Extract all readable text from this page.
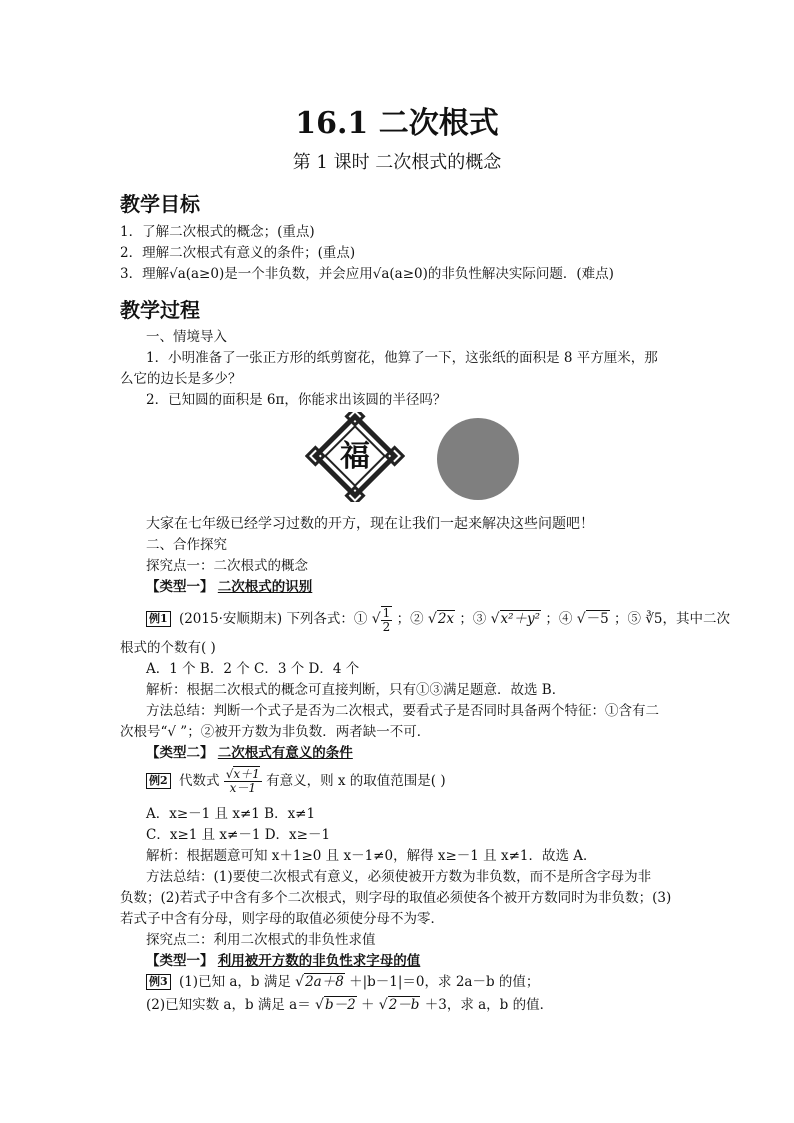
16.1 二次根式
第 1 课时 二次根式的概念
教学目标
1．了解二次根式的概念；(重点)
2．理解二次根式有意义的条件；(重点)
3．理解√a(a≥0)是一个非负数，并会应用√a(a≥0)的非负性解决实际问题．(难点)
教学过程
一、情境导入
1．小明准备了一张正方形的纸剪窗花，他算了一下，这张纸的面积是 8 平方厘米，那
么它的边长是多少？
2．已知圆的面积是 6π，你能求出该圆的半径吗？
福
大家在七年级已经学习过数的开方，现在让我们一起来解决这些问题吧！
二、合作探究
探究点一：二次根式的概念
【类型一】 二次根式的识别
例1 (2015·安顺期末) 下列各式：① √ $\frac{1}{2}$ ；② √2x ；③ √x²＋y² ；④ √－5 ；⑤ ∛5，其中二次
根式的个数有( )
A．1 个 B．2 个 C．3 个 D．4 个
解析：根据二次根式的概念可直接判断，只有①③满足题意．故选 B．
方法总结：判断一个式子是否为二次根式，要看式子是否同时具备两个特征：①含有二
次根号“√ ”；②被开方数为非负数．两者缺一不可．
【类型二】 二次根式有意义的条件
例2 代数式 $\frac{√x+1}{x-1}$ 有意义，则 x 的取值范围是( )
A．x≥－1 且 x≠1 B．x≠1
C．x≥1 且 x≠－1 D．x≥－1
解析：根据题意可知 x＋1≥0 且 x－1≠0，解得 x≥－1 且 x≠1．故选 A．
方法总结：(1)要使二次根式有意义，必须使被开方数为非负数，而不是所含字母为非
负数；(2)若式子中含有多个二次根式，则字母的取值必须使各个被开方数同时为非负数；(3)
若式子中含有分母，则字母的取值必须使分母不为零．
探究点二：利用二次根式的非负性求值
【类型一】 利用被开方数的非负性求字母的值
例3 (1)已知 a，b 满足 √2a＋8 ＋|b－1|＝0，求 2a－b 的值；
(2)已知实数 a，b 满足 a＝ √b－2 ＋ √2－b ＋3，求 a，b 的值．
